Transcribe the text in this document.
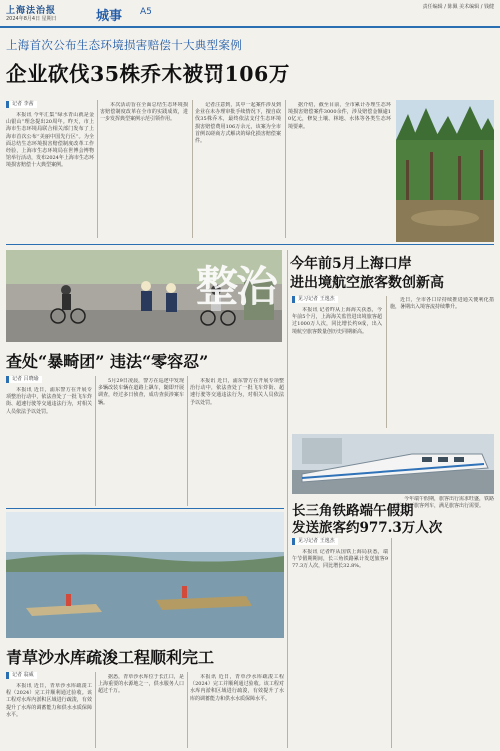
上海法治报
2024年8月4日 星期日	城事 A5	责任编辑 / 陈佩 美术编辑 / 钱健
上海首次公布生态环境损害赔偿十大典型案例
企业砍伐35株乔木被罚106万
记者 李茜

本报讯 今年汇集“绿水青山就是金山银山”理念提出20周年。昨天，市上海市生态环境局联合相关部门发布了上海市首次公布“美丽中国先行区”。为全面总结生态环境损害赔偿制度改革工作经验，上海市生态环境局在世博会博物馆举行活动，发布2024年上海市生态环境损害赔偿十大典型案例。

本次活动旨在全面总结生态环境损害赔偿制度改革在全市的实践成效，进一步发挥典型案例示范引领作用。

记者注意到，其中一起案件涉及到企业在未办理审批手续情况下，擅自砍伐35株乔木，最终依法支付生态环境损害赔偿费用106万余元，该案为全市首例以磋商方式解决的绿化损害赔偿案件。

据介绍，截至目前，全市累计办理生态环境损害赔偿案件3000余件，涉及赔偿金额逾10亿元，修复土壤、林地、水体等各类生态环境要素。

今年前5月上海口岸
进出境航空旅客数创新高
见习记者 王逸杰

本报讯 记者昨从上海海关获悉，今年前5个月，上海海关监管进出境旅客超过1000万人次，同比增长约9成，出入境航空旅客数量创历史同期新高。

近日，全市各口岸持续推进通关便利化措施，暑期出入境客流持续攀升。

整治
查处“暴畸团” 违法“零容忍”
记者 吕晓瑜

本报讯 近日，浦东警方在开展专项整治行动中，依法查处了一批飞车炸街、超速行驶等交通违法行为，对相关人员依法予以处罚。

5月29日凌晨，警方在巡逻中发现多辆改装车辆在道路上飙车，随即开展调查，经过多日侦查，成功查获涉案车辆。

本报讯 近日，浦东警方在开展专项整治行动中，依法查处了一批飞车炸街、超速行驶等交通违法行为，对相关人员依法予以处罚。

长三角铁路端午假期
发送旅客约977.3万人次
见习记者 王逸杰

本报讯 记者昨从国铁上海局获悉，端午节假期期间，长三角铁路累计发送旅客977.3万人次，同比增长32.8%。

今年端午假期，旅客出行需求旺盛，铁路部门加开旅客列车，满足旅客出行需要。

青草沙水库疏浚工程顺利完工
记者 翁威

本报讯 近日，青草沙水库疏浚工程（2024）完工并顺利通过验收。该工程对水库内淤积区域进行疏浚，有效提升了水库的调蓄能力和供水水质保障水平。

据悉，青草沙水库位于长江口，是上海重要的水源地之一，供水服务人口超过千万。

本报讯 近日，青草沙水库疏浚工程（2024）完工并顺利通过验收。该工程对水库内淤积区域进行疏浚，有效提升了水库的调蓄能力和供水水质保障水平。
